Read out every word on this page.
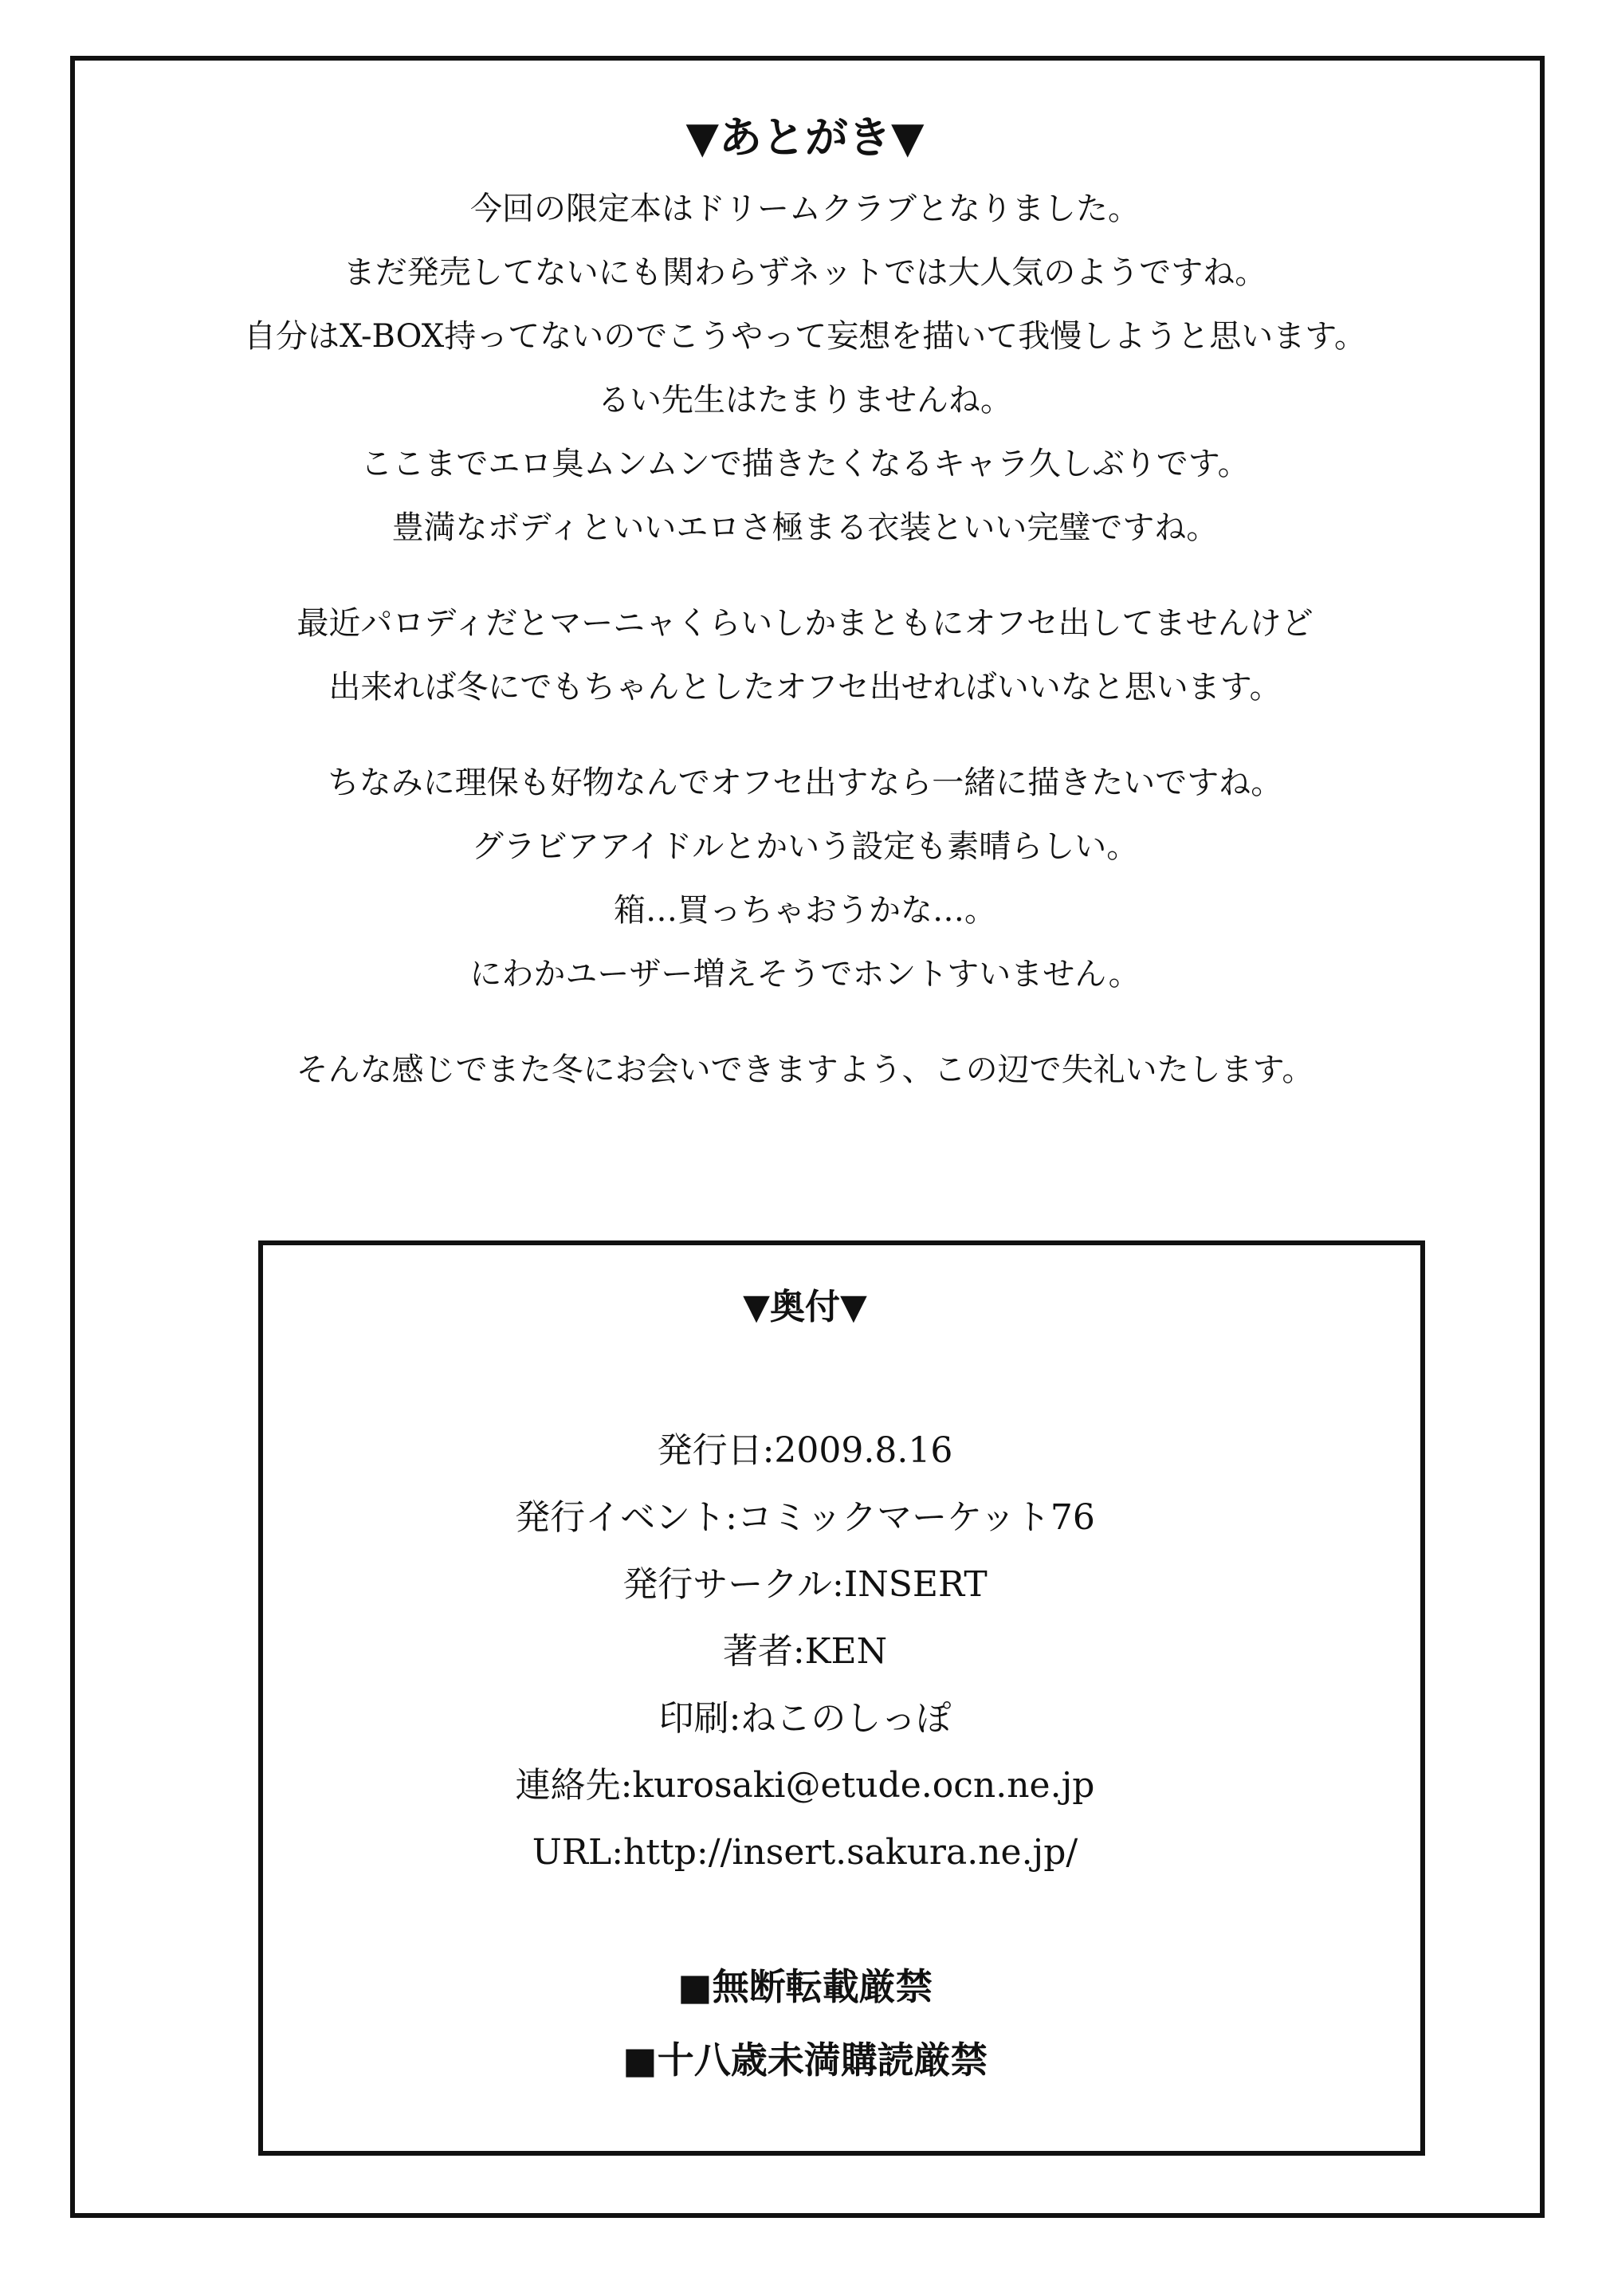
▼あとがき▼
今回の限定本はドリームクラブとなりました。
まだ発売してないにも関わらずネットでは大人気のようですね。
自分はX-BOX持ってないのでこうやって妄想を描いて我慢しようと思います。
るい先生はたまりませんね。
ここまでエロ臭ムンムンで描きたくなるキャラ久しぶりです。
豊満なボディといいエロさ極まる衣装といい完璧ですね。
最近パロディだとマーニャくらいしかまともにオフセ出してませんけど
出来れば冬にでもちゃんとしたオフセ出せればいいなと思います。
ちなみに理保も好物なんでオフセ出すなら一緒に描きたいですね。
グラビアアイドルとかいう設定も素晴らしい。
箱…買っちゃおうかな…。
にわかユーザー増えそうでホントすいません。
そんな感じでまた冬にお会いできますよう、この辺で失礼いたします。
▼奥付▼
発行日:2009.8.16
発行イベント:コミックマーケット76
発行サークル:INSERT
著者:KEN
印刷:ねこのしっぽ
連絡先:kurosaki@etude.ocn.ne.jp
URL:http://insert.sakura.ne.jp/
■無断転載厳禁
■十八歳未満購読厳禁
